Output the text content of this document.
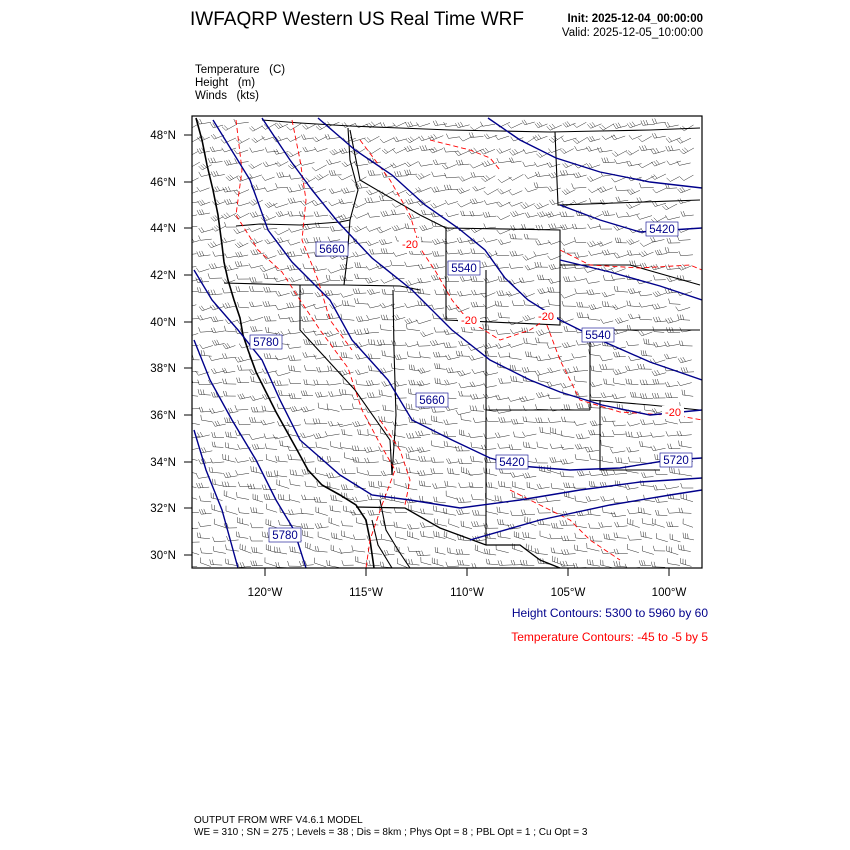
IWFAQRP Western US Real Time WRF	Init: 2025-12-04_00:00:00
Valid: 2025-12-05_10:00:00
Temperature (C)
Height (m)
Winds (kts)
5660
5540
5780
5660
5420
5540
5720
5780
5420
-20
-20	-20
-20
48°N
46°N
44°N
42°N
40°N
38°N
36°N
34°N
32°N
30°N
120°W	115°W	110°W	105°W	100°W
Height Contours: 5300 to 5960 by 60
Temperature Contours: -45 to -5 by 5
OUTPUT FROM WRF V4.6.1 MODEL
WE = 310 ; SN = 275 ; Levels = 38 ; Dis = 8km ; Phys Opt = 8 ; PBL Opt = 1 ; Cu Opt = 3
